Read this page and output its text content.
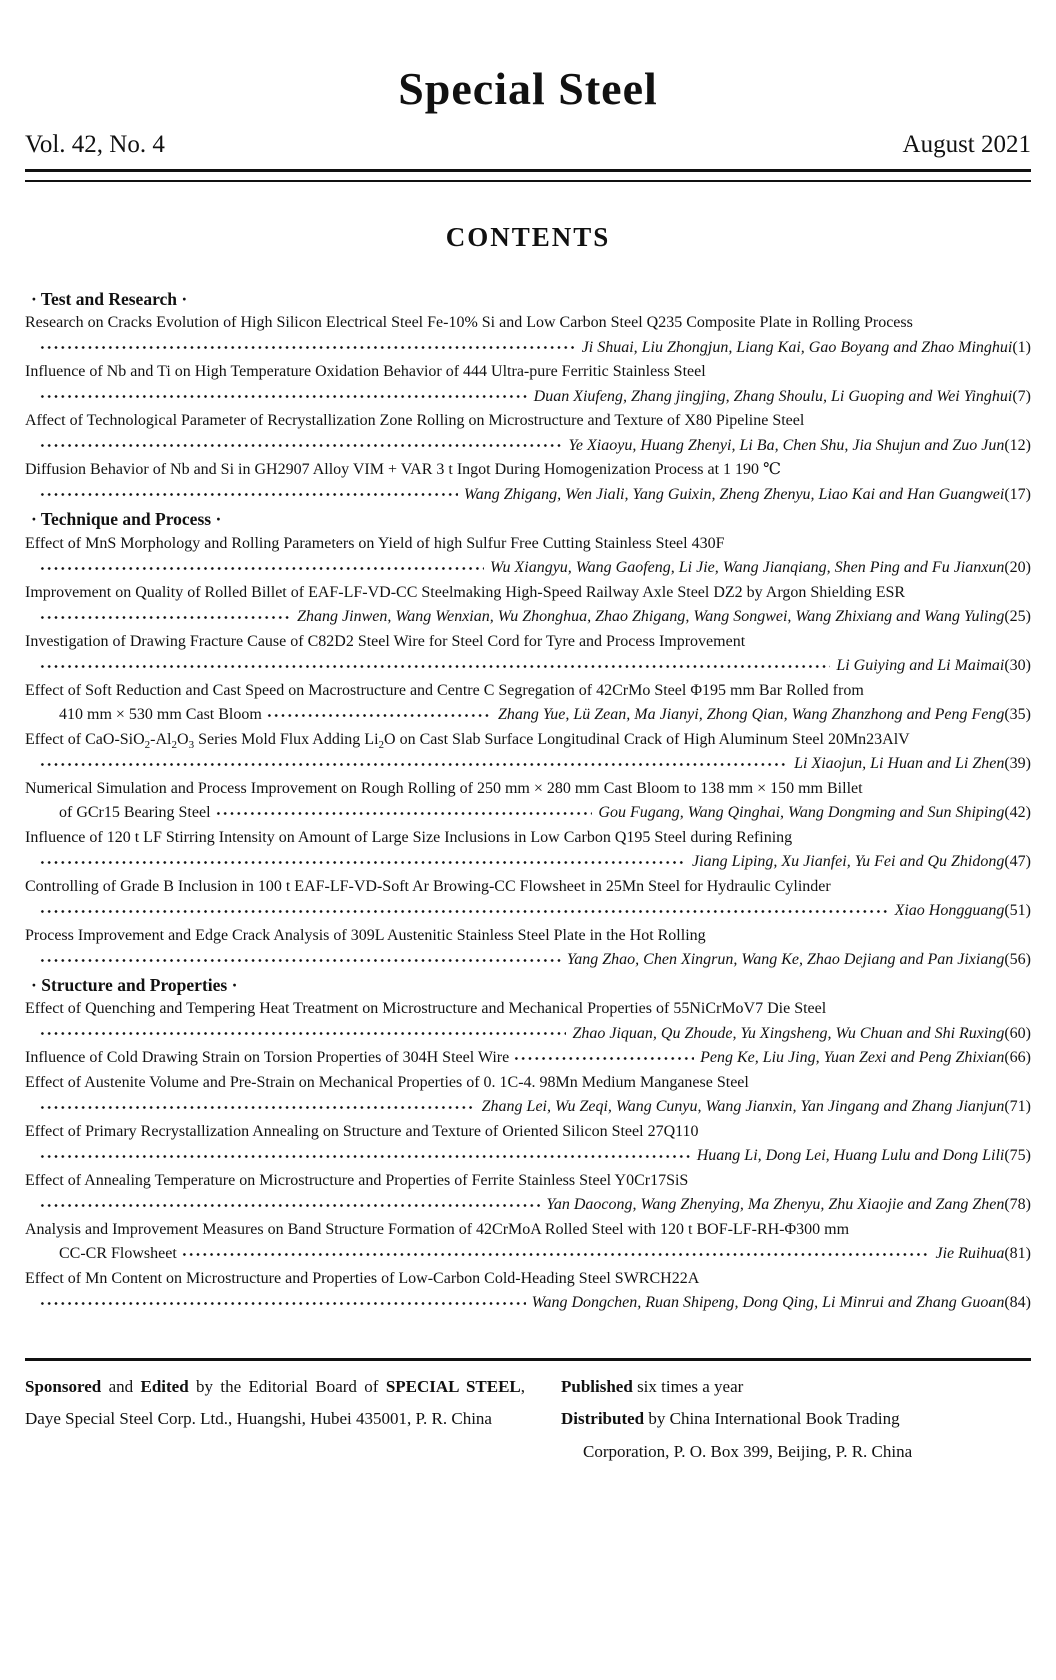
Special Steel
Vol. 42, No. 4	August 2021
CONTENTS
· Test and Research ·
Research on Cracks Evolution of High Silicon Electrical Steel Fe-10% Si and Low Carbon Steel Q235 Composite Plate in Rolling Process
Ji Shuai, Liu Zhongjun, Liang Kai, Gao Boyang and Zhao Minghui (1)
Influence of Nb and Ti on High Temperature Oxidation Behavior of 444 Ultra-pure Ferritic Stainless Steel
Duan Xiufeng, Zhang jingjing, Zhang Shoulu, Li Guoping and Wei Yinghui (7)
Affect of Technological Parameter of Recrystallization Zone Rolling on Microstructure and Texture of X80 Pipeline Steel
Ye Xiaoyu, Huang Zhenyi, Li Ba, Chen Shu, Jia Shujun and Zuo Jun (12)
Diffusion Behavior of Nb and Si in GH2907 Alloy VIM + VAR 3 t Ingot During Homogenization Process at 1 190 ℃
Wang Zhigang, Wen Jiali, Yang Guixin, Zheng Zhenyu, Liao Kai and Han Guangwei (17)
· Technique and Process ·
Effect of MnS Morphology and Rolling Parameters on Yield of high Sulfur Free Cutting Stainless Steel 430F
Wu Xiangyu, Wang Gaofeng, Li Jie, Wang Jianqiang, Shen Ping and Fu Jianxun (20)
Improvement on Quality of Rolled Billet of EAF-LF-VD-CC Steelmaking High-Speed Railway Axle Steel DZ2 by Argon Shielding ESR
Zhang Jinwen, Wang Wenxian, Wu Zhonghua, Zhao Zhigang, Wang Songwei, Wang Zhixiang and Wang Yuling (25)
Investigation of Drawing Fracture Cause of C82D2 Steel Wire for Steel Cord for Tyre and Process Improvement
Li Guiying and Li Maimai (30)
Effect of Soft Reduction and Cast Speed on Macrostructure and Centre C Segregation of 42CrMo Steel Φ195 mm Bar Rolled from
410 mm × 530 mm Cast Bloom	Zhang Yue, Lü Zean, Ma Jianyi, Zhong Qian, Wang Zhanzhong and Peng Feng (35)
Effect of CaO-$SiO_2-Al_2O_3$ Series Mold Flux Adding $Li_2O$ on Cast Slab Surface Longitudinal Crack of High Aluminum Steel 20Mn23AlV
Li Xiaojun, Li Huan and Li Zhen (39)
Numerical Simulation and Process Improvement on Rough Rolling of 250 mm × 280 mm Cast Bloom to 138 mm × 150 mm Billet
of GCr15 Bearing Steel	Gou Fugang, Wang Qinghai, Wang Dongming and Sun Shiping (42)
Influence of 120 t LF Stirring Intensity on Amount of Large Size Inclusions in Low Carbon Q195 Steel during Refining
Jiang Liping, Xu Jianfei, Yu Fei and Qu Zhidong (47)
Controlling of Grade B Inclusion in 100 t EAF-LF-VD-Soft Ar Browing-CC Flowsheet in 25Mn Steel for Hydraulic Cylinder
Xiao Hongguang (51)
Process Improvement and Edge Crack Analysis of 309L Austenitic Stainless Steel Plate in the Hot Rolling
Yang Zhao, Chen Xingrun, Wang Ke, Zhao Dejiang and Pan Jixiang (56)
· Structure and Properties ·
Effect of Quenching and Tempering Heat Treatment on Microstructure and Mechanical Properties of 55NiCrMoV7 Die Steel
Zhao Jiquan, Qu Zhoude, Yu Xingsheng, Wu Chuan and Shi Ruxing (60)
Influence of Cold Drawing Strain on Torsion Properties of 304H Steel Wire	Peng Ke, Liu Jing, Yuan Zexi and Peng Zhixian (66)
Effect of Austenite Volume and Pre-Strain on Mechanical Properties of 0. 1C-4. 98Mn Medium Manganese Steel
Zhang Lei, Wu Zeqi, Wang Cunyu, Wang Jianxin, Yan Jingang and Zhang Jianjun (71)
Effect of Primary Recrystallization Annealing on Structure and Texture of Oriented Silicon Steel 27Q110
Huang Li, Dong Lei, Huang Lulu and Dong Lili (75)
Effect of Annealing Temperature on Microstructure and Properties of Ferrite Stainless Steel Y0Cr17SiS
Yan Daocong, Wang Zhenying, Ma Zhenyu, Zhu Xiaojie and Zang Zhen (78)
Analysis and Improvement Measures on Band Structure Formation of 42CrMoA Rolled Steel with 120 t BOF-LF-RH-Φ300 mm
CC-CR Flowsheet	Jie Ruihua (81)
Effect of Mn Content on Microstructure and Properties of Low-Carbon Cold-Heading Steel SWRCH22A
Wang Dongchen, Ruan Shipeng, Dong Qing, Li Minrui and Zhang Guoan (84)

Sponsored and Edited by the Editorial Board of SPECIAL STEEL, Daye Special Steel Corp. Ltd., Huangshi, Hubei 435001, P. R. China

Published six times a year
Distributed by China International Book Trading
Corporation, P. O. Box 399, Beijing, P. R. China
